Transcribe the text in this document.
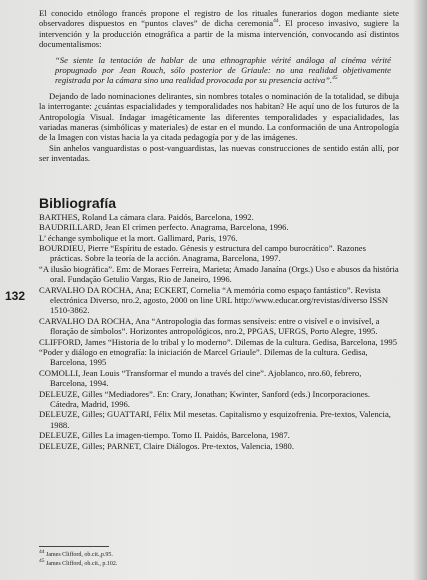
El conocido etnólogo francés propone el registro de los rituales funerarios dogon mediante siete observadores dispuestos en “puntos claves” de dicha ceremonia$^{44}$. El proceso invasivo, sugiere la intervención y la producción etnográfica a partir de la misma intervención, convocando así distintos documentalismos:

“Se siente la tentación de hablar de una ethnographie vérité análoga al cinéma vérité propugnado por Jean Rouch, sólo posterior de Griaule: no una realidad objetivamente registrada por la cámara sino una realidad provocada por su presencia activa”.$^{45}$

Dejando de lado nominaciones delirantes, sin nombres totales o nominación de la totalidad, se dibuja la interrogante: ¿cuántas espacialidades y temporalidades nos habitan? He aquí uno de los futuros de la Antropología Visual. Indagar imagéticamente las diferentes temporalidades y espacialidades, las variadas maneras (simbólicas y materiales) de estar en el mundo. La conformación de una Antropología de la Imagen con vistas hacia la ya citada pedagogía por y de las imágenes.

Sin anhelos vanguardistas o post-vanguardistas, las nuevas construcciones de sentido están allí, por ser inventadas.

Bibliografía

BARTHES, Roland La cámara clara. Paidós, Barcelona, 1992.

BAUDRILLARD, Jean El crimen perfecto. Anagrama, Barcelona, 1996.

L’ échange symbolique et la mort. Gallimard, Paris, 1976.

BOURDIEU, Pierre “Espíritu de estado. Génesis y estructura del campo burocrático”. Razones prácticas. Sobre la teoría de la acción. Anagrama, Barcelona, 1997.

“A ilusão biográfica”. Em: de Moraes Ferreira, Marieta; Amado Janaína (Orgs.) Uso e abusos da história oral. Fundação Getulio Vargas, Rio de Janeiro, 1996.

CARVALHO DA ROCHA, Ana; ECKERT, Cornelia “A memória como espaço fantástico”. Revista electrónica Diverso, nro.2, agosto, 2000 on line URL http://www.educar.org/revistas/diverso ISSN 1510-3862.

CARVALHO DA ROCHA, Ana “Antropologia das formas sensíveis: entre o visível e o invisível, a floração de símbolos”. Horizontes antropológicos, nro.2, PPGAS, UFRGS, Porto Alegre, 1995.

CLIFFORD, James “Historia de lo tribal y lo moderno”. Dilemas de la cultura. Gedisa, Barcelona, 1995

“Poder y diálogo en etnografía: la iniciación de Marcel Griaule”. Dilemas de la cultura. Gedisa, Barcelona, 1995

COMOLLI, Jean Louis “Transformar el mundo a través del cine”. Ajoblanco, nro.60, febrero, Barcelona, 1994.

DELEUZE, Gilles “Mediadores”. En: Crary, Jonathan; Kwinter, Sanford (eds.) Incorporaciones. Cátedra, Madrid, 1996.

DELEUZE, Gilles; GUATTARI, Félix Mil mesetas. Capitalismo y esquizofrenia. Pre-textos, Valencia, 1988.

DELEUZE, Gilles La imagen-tiempo. Tomo II. Paidós, Barcelona, 1987.

DELEUZE, Gilles; PARNET, Claire Diálogos. Pre-textos, Valencia, 1980.

132
$^{44}$ James Clifford, ob.cit.,p.95.
$^{45}$ James Clifford, ob.cit., p.102.
